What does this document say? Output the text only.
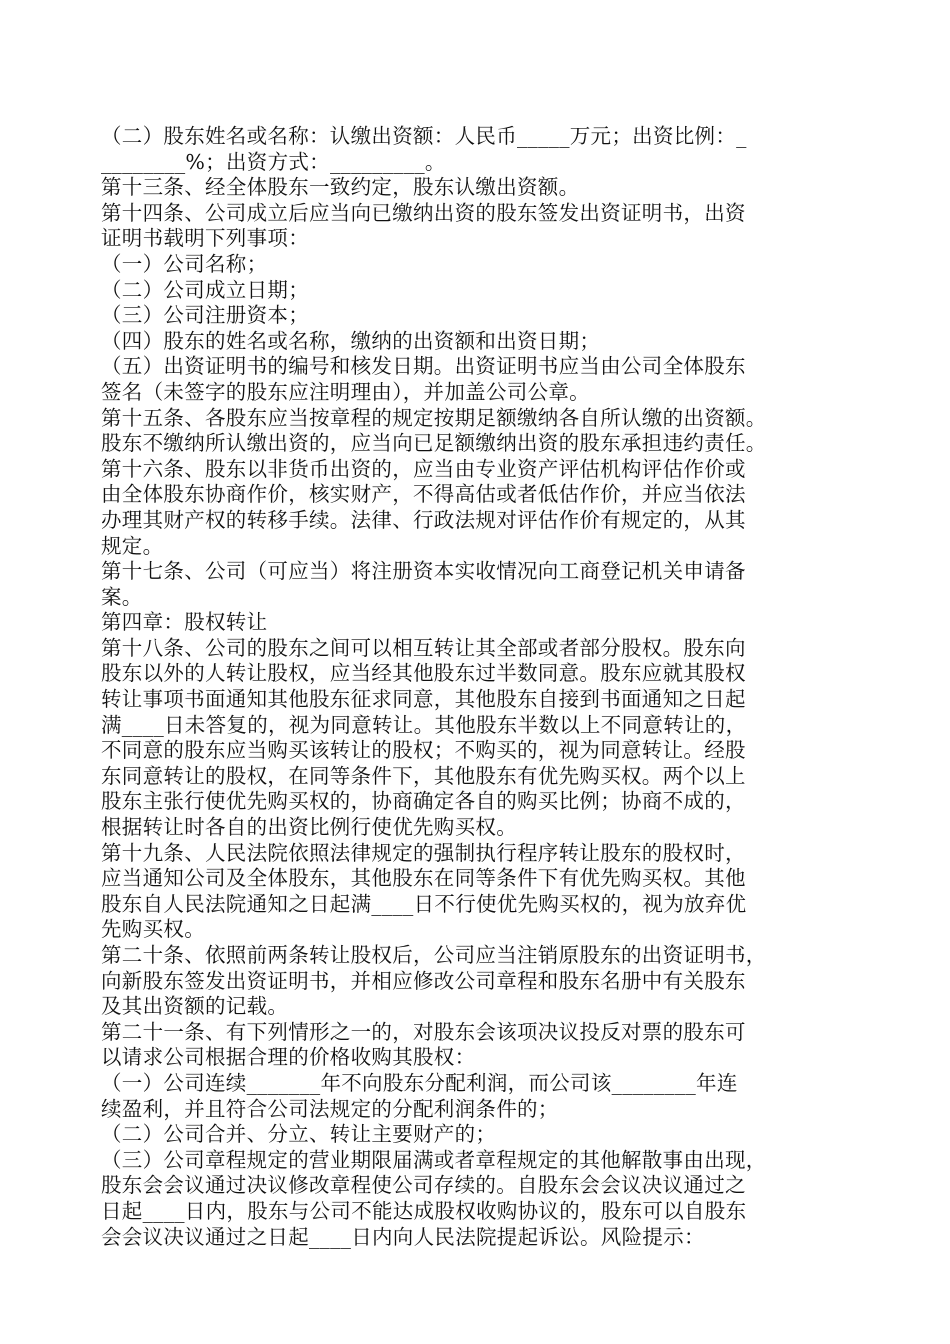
（二）股东姓名或名称：认缴出资额：人民币_____万元；出资比例：_
________%；出资方式：_________。
第十三条、经全体股东一致约定，股东认缴出资额。
第十四条、公司成立后应当向已缴纳出资的股东签发出资证明书，出资
证明书载明下列事项：
（一）公司名称；
（二）公司成立日期；
（三）公司注册资本；
（四）股东的姓名或名称，缴纳的出资额和出资日期；
（五）出资证明书的编号和核发日期。出资证明书应当由公司全体股东
签名（未签字的股东应注明理由），并加盖公司公章。
第十五条、各股东应当按章程的规定按期足额缴纳各自所认缴的出资额。
股东不缴纳所认缴出资的，应当向已足额缴纳出资的股东承担违约责任。
第十六条、股东以非货币出资的，应当由专业资产评估机构评估作价或
由全体股东协商作价，核实财产，不得高估或者低估作价，并应当依法
办理其财产权的转移手续。法律、行政法规对评估作价有规定的，从其
规定。
第十七条、公司（可应当）将注册资本实收情况向工商登记机关申请备
案。
第四章：股权转让
第十八条、公司的股东之间可以相互转让其全部或者部分股权。股东向
股东以外的人转让股权，应当经其他股东过半数同意。股东应就其股权
转让事项书面通知其他股东征求同意，其他股东自接到书面通知之日起
满____日未答复的，视为同意转让。其他股东半数以上不同意转让的，
不同意的股东应当购买该转让的股权；不购买的，视为同意转让。经股
东同意转让的股权，在同等条件下，其他股东有优先购买权。两个以上
股东主张行使优先购买权的，协商确定各自的购买比例；协商不成的，
根据转让时各自的出资比例行使优先购买权。
第十九条、人民法院依照法律规定的强制执行程序转让股东的股权时，
应当通知公司及全体股东，其他股东在同等条件下有优先购买权。其他
股东自人民法院通知之日起满____日不行使优先购买权的，视为放弃优
先购买权。
第二十条、依照前两条转让股权后，公司应当注销原股东的出资证明书，
向新股东签发出资证明书，并相应修改公司章程和股东名册中有关股东
及其出资额的记载。
第二十一条、有下列情形之一的，对股东会该项决议投反对票的股东可
以请求公司根据合理的价格收购其股权：
（一）公司连续_______年不向股东分配利润，而公司该________年连
续盈利，并且符合公司法规定的分配利润条件的；
（二）公司合并、分立、转让主要财产的；
（三）公司章程规定的营业期限届满或者章程规定的其他解散事由出现，
股东会会议通过决议修改章程使公司存续的。自股东会会议决议通过之
日起____日内，股东与公司不能达成股权收购协议的，股东可以自股东
会会议决议通过之日起____日内向人民法院提起诉讼。风险提示：
